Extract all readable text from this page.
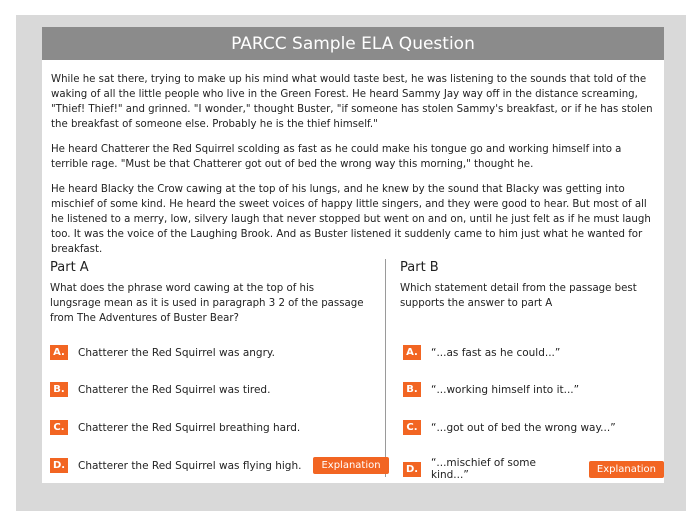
PARCC Sample ELA Question

While he sat there, trying to make up his mind what would taste best, he was listening to the sounds that told of the waking of all the little people who live in the Green Forest. He heard Sammy Jay way off in the distance screaming, "Thief! Thief!" and grinned. "I wonder," thought Buster, "if someone has stolen Sammy's breakfast, or if he has stolen the breakfast of someone else. Probably he is the thief himself."

He heard Chatterer the Red Squirrel scolding as fast as he could make his tongue go and working himself into a terrible rage. "Must be that Chatterer got out of bed the wrong way this morning," thought he.

He heard Blacky the Crow cawing at the top of his lungs, and he knew by the sound that Blacky was getting into mischief of some kind. He heard the sweet voices of happy little singers, and they were good to hear. But most of all he listened to a merry, low, silvery laugh that never stopped but went on and on, until he just felt as if he must laugh too. It was the voice of the Laughing Brook. And as Buster listened it suddenly came to him just what he wanted for breakfast.

Part A
What does the phrase word cawing at the top of his lungsrage mean as it is used in paragraph 3 2 of the passage from The Adventures of Buster Bear?
A. Chatterer the Red Squirrel was angry.
B.	Chatterer the Red Squirrel was tired.
C.	Chatterer the Red Squirrel breathing hard.
D. Chatterer the Red Squirrel was flying high.	Explanation
Part B
Which statement detail from the passage best supports the answer to part A
A. “...as fast as he could...”
B.	“...working himself into it...”
C.	“...got out of bed the wrong way...”
D. “...mischief of some kind...”	Explanation
